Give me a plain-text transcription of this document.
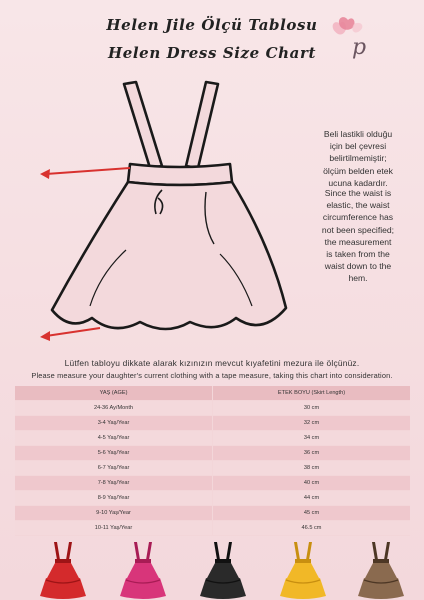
Helen Jile Ölçü Tablosu
Helen Dress Size Chart	p
Beli lastikli olduğu
için bel çevresi
belirtilmemiştir;
ölçüm belden etek
ucuna kadardır.
Since the waist is
elastic, the waist
circumference has
not been specified;
the measurement
is taken from the
waist down to the
hem.
Lütfen tabloyu dikkate alarak kızınızın mevcut kıyafetini mezura ile ölçünüz.
Please measure your daughter's current clothing with a tape measure, taking this chart into consideration.
YAŞ (AGE)	ETEK BOYU (Skirt Length)
24-36 Ay/Month	30 cm
3-4 Yaş/Year	32 cm
4-5 Yaş/Year	34 cm
5-6 Yaş/Year	36 cm
6-7 Yaş/Year	38 cm
7-8 Yaş/Year	40 cm
8-9 Yaş/Year	44 cm
9-10 Yaş/Year	45 cm
10-11 Yaş/Year	46.5 cm
